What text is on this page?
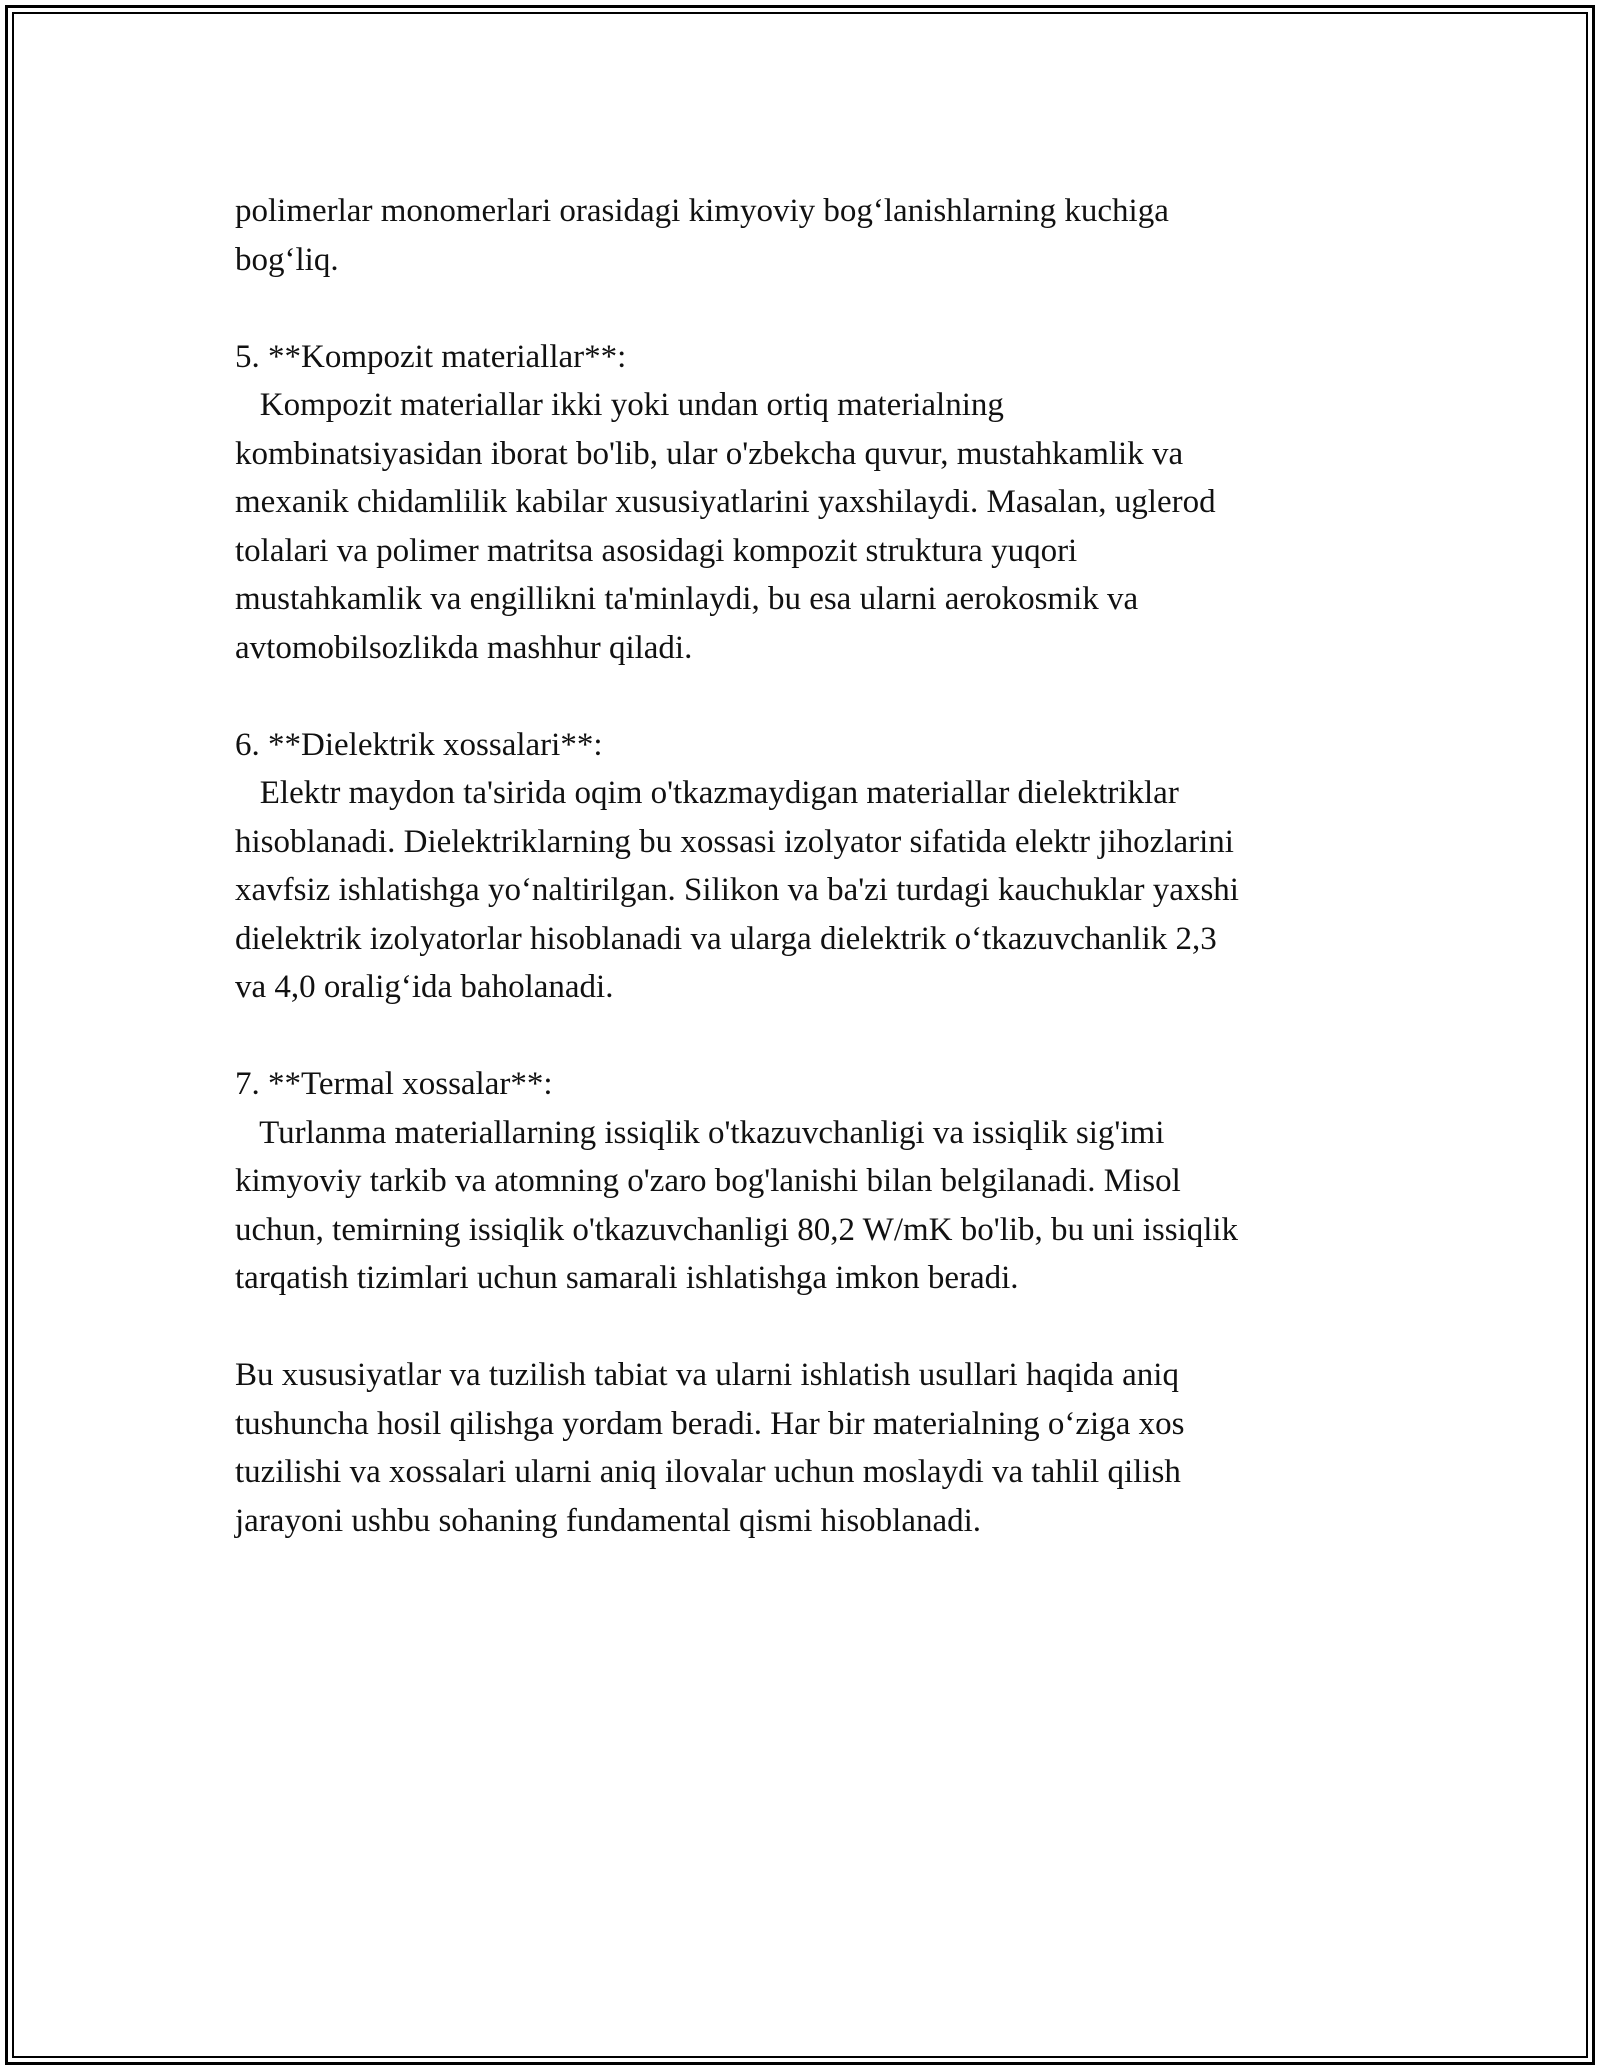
polimerlar monomerlari orasidagi kimyoviy bog‘lanishlarning kuchiga
bog‘liq.

5. **Kompozit materiallar**:
Kompozit materiallar ikki yoki undan ortiq materialning
kombinatsiyasidan iborat bo'lib, ular o'zbekcha quvur, mustahkamlik va
mexanik chidamlilik kabilar xususiyatlarini yaxshilaydi. Masalan, uglerod
tolalari va polimer matritsa asosidagi kompozit struktura yuqori
mustahkamlik va engillikni ta'minlaydi, bu esa ularni aerokosmik va
avtomobilsozlikda mashhur qiladi.

6. **Dielektrik xossalari**:
Elektr maydon ta'sirida oqim o'tkazmaydigan materiallar dielektriklar
hisoblanadi. Dielektriklarning bu xossasi izolyator sifatida elektr jihozlarini
xavfsiz ishlatishga yo‘naltirilgan. Silikon va ba'zi turdagi kauchuklar yaxshi
dielektrik izolyatorlar hisoblanadi va ularga dielektrik o‘tkazuvchanlik 2,3
va 4,0 oralig‘ida baholanadi.

7. **Termal xossalar**:
Turlanma materiallarning issiqlik o'tkazuvchanligi va issiqlik sig'imi
kimyoviy tarkib va atomning o'zaro bog'lanishi bilan belgilanadi. Misol
uchun, temirning issiqlik o'tkazuvchanligi 80,2 W/mK bo'lib, bu uni issiqlik
tarqatish tizimlari uchun samarali ishlatishga imkon beradi.

Bu xususiyatlar va tuzilish tabiat va ularni ishlatish usullari haqida aniq
tushuncha hosil qilishga yordam beradi. Har bir materialning o‘ziga xos
tuzilishi va xossalari ularni aniq ilovalar uchun moslaydi va tahlil qilish
jarayoni ushbu sohaning fundamental qismi hisoblanadi.
